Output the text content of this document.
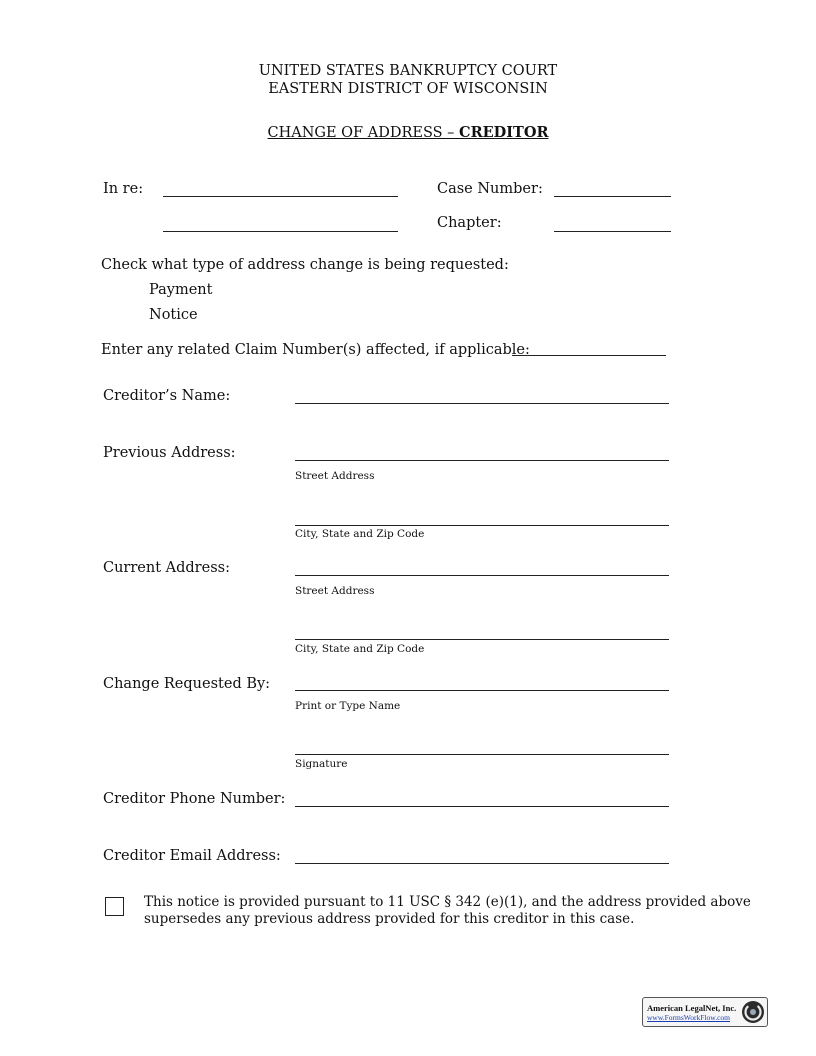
UNITED STATES BANKRUPTCY COURT
EASTERN DISTRICT OF WISCONSIN
CHANGE OF ADDRESS – CREDITOR
In re:	Case Number:
Chapter:
Check what type of address change is being requested:
Payment
Notice
Enter any related Claim Number(s) affected, if applicable:
Creditor’s Name:
Previous Address:
Street Address
City, State and Zip Code
Current Address:
Street Address
City, State and Zip Code
Change Requested By:
Print or Type Name
Signature
Creditor Phone Number:
Creditor Email Address:
This notice is provided pursuant to 11 USC § 342 (e)(1), and the address provided above
supersedes any previous address provided for this creditor in this case.
American LegalNet, Inc.
www.FormsWorkFlow.com
